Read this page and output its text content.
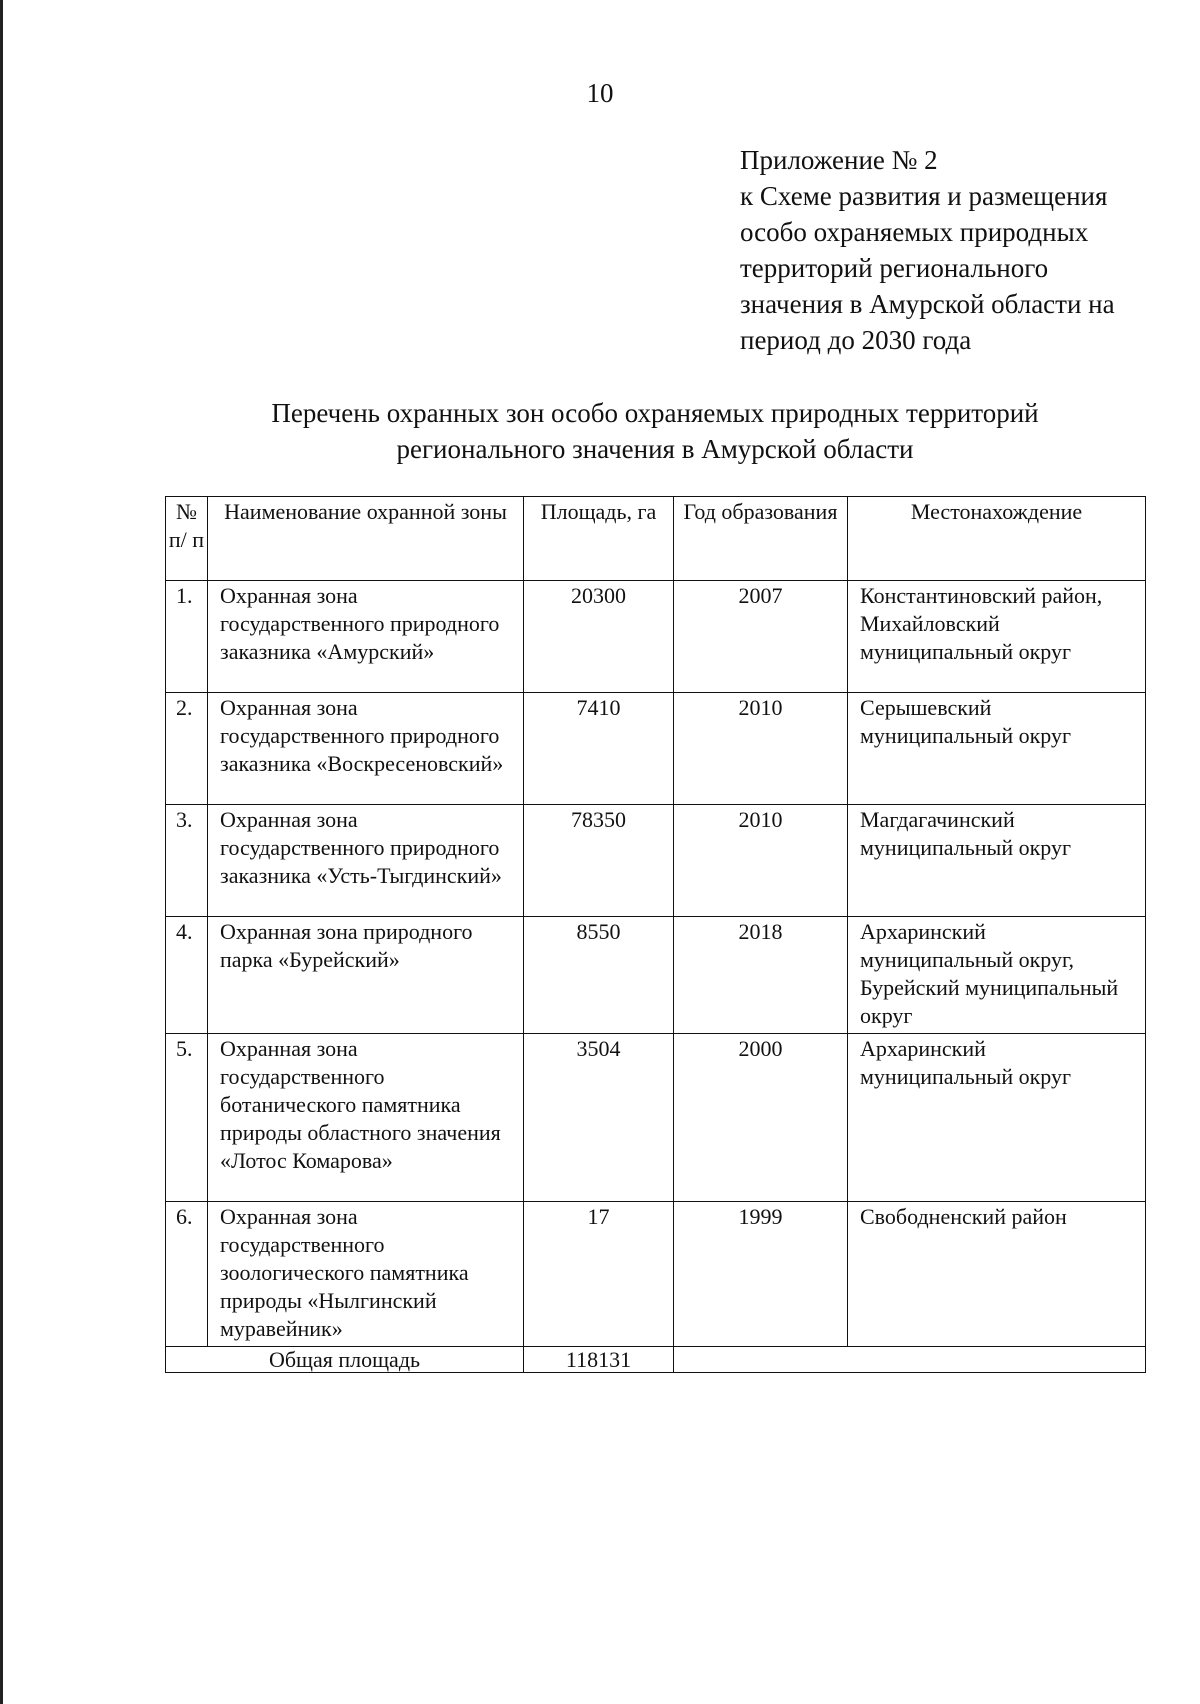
10
Приложение № 2
к Схеме развития и размещения
особо охраняемых природных
территорий регионального
значения в Амурской области на
период до 2030 года
Перечень охранных зон особо охраняемых природных территорий
регионального значения в Амурской области
№ п/ п	Наименование охранной зоны	Площадь, га	Год образования	Местонахождение
1.	Охранная зона государственного природного заказника «Амурский»	20300	2007	Константиновский район, Михайловский муниципальный округ
2.	Охранная зона государственного природного заказника «Воскресеновский»	7410	2010	Серышевский муниципальный округ
3.	Охранная зона государственного природного заказника «Усть-Тыгдинский»	78350	2010	Магдагачинский муниципальный округ
4.	Охранная зона природного парка «Бурейский»	8550	2018	Архаринский муниципальный округ, Бурейский муниципальный округ
5.	Охранная зона государственного ботанического памятника природы областного значения «Лотос Комарова»	3504	2000	Архаринский муниципальный округ
6.	Охранная зона государственного зоологического памятника природы «Нылгинский муравейник»	17	1999	Свободненский район
Общая площадь		118131		
